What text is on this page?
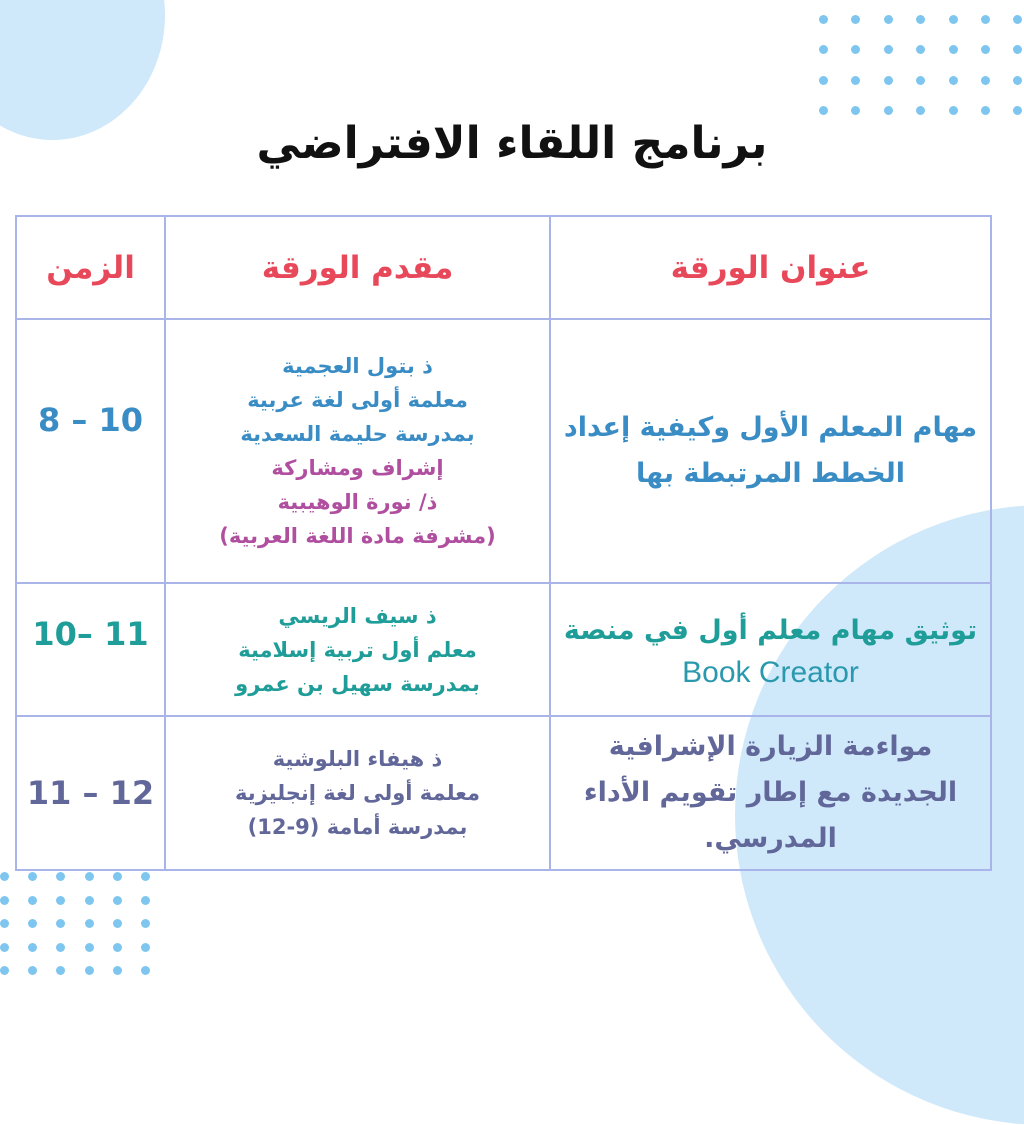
برنامج اللقاء الافتراضي
عنوان الورقة
مقدم الورقة
الزمن
مهام المعلم الأول وكيفية إعداد
الخطط المرتبطة بها
ذ بتول العجمية
معلمة أولى لغة عربية
بمدرسة حليمة السعدية
إشراف ومشاركة
ذ/ نورة الوهيبية
(مشرفة مادة اللغة العربية)
8 – 10
توثيق مهام معلم أول في منصة
Book Creator
ذ سيف الريسي
معلم أول تربية إسلامية
بمدرسة سهيل بن عمرو
10– 11
مواءمة الزيارة الإشرافية
الجديدة مع إطار تقويم الأداء
المدرسي.
ذ هيفاء البلوشية
معلمة أولى لغة إنجليزية
بمدرسة أمامة (9-12)
11 – 12
